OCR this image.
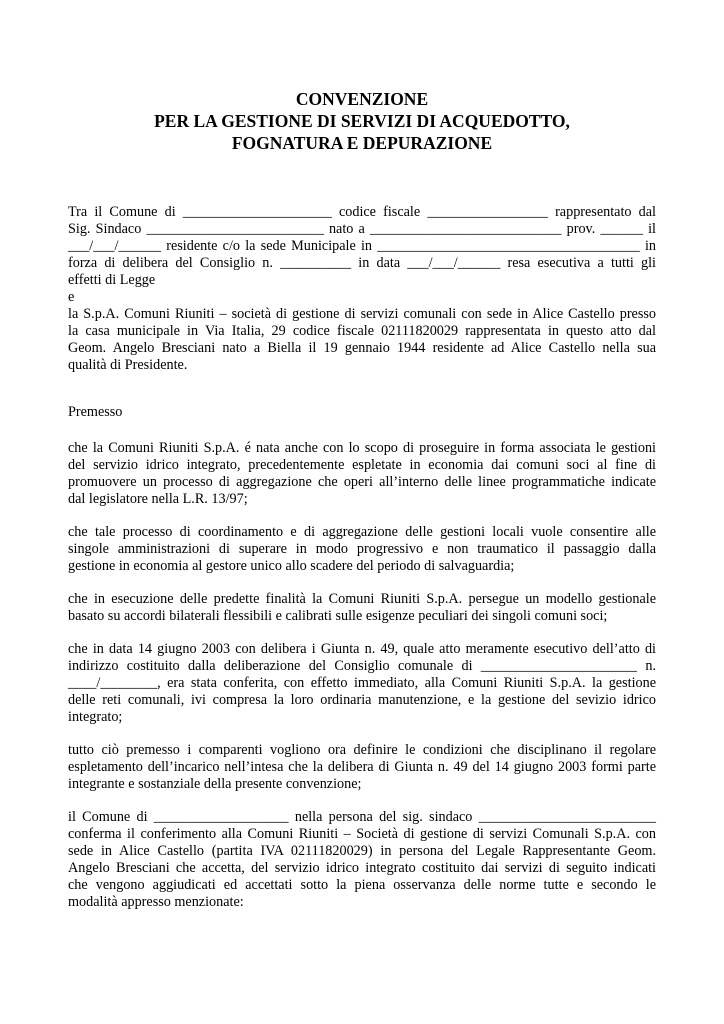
CONVENZIONE
PER LA GESTIONE DI SERVIZI DI ACQUEDOTTO,
FOGNATURA E DEPURAZIONE
Tra il Comune di _____________________ codice fiscale _________________ rappresentato dal
Sig. Sindaco _________________________ nato a ___________________________ prov. ______ il
___/___/______ residente c/o la sede Municipale in _____________________________________ in
forza di delibera del Consiglio n. __________ in data ___/___/______ resa esecutiva a tutti gli
effetti di Legge
e
la S.p.A. Comuni Riuniti – società di gestione di servizi comunali con sede in Alice Castello presso
la casa municipale in Via Italia, 29 codice fiscale 02111820029 rappresentata in questo atto dal
Geom. Angelo Bresciani nato a Biella il 19 gennaio 1944 residente ad Alice Castello nella sua
qualità di Presidente.
Premesso
che la Comuni Riuniti S.p.A. é nata anche con lo scopo di proseguire in forma associata le gestioni
del servizio idrico integrato, precedentemente espletate in economia dai comuni soci al fine di
promuovere un processo di aggregazione che operi all’interno delle linee programmatiche indicate
dal legislatore nella L.R. 13/97;
che tale processo di coordinamento e di aggregazione delle gestioni locali vuole consentire alle
singole amministrazioni di superare in modo progressivo e non traumatico il passaggio dalla
gestione in economia al gestore unico allo scadere del periodo di salvaguardia;
che in esecuzione delle predette finalità la Comuni Riuniti S.p.A. persegue un modello gestionale
basato su accordi bilaterali flessibili e calibrati sulle esigenze peculiari dei singoli comuni soci;
che in data 14 giugno 2003 con delibera i Giunta n. 49, quale atto meramente esecutivo dell’atto di
indirizzo costituito dalla deliberazione del Consiglio comunale di ______________________ n.
____/________, era stata conferita, con effetto immediato, alla Comuni Riuniti S.p.A. la gestione
delle reti comunali, ivi compresa la loro ordinaria manutenzione, e la gestione del sevizio idrico
integrato;
tutto ciò premesso i comparenti vogliono ora definire le condizioni che disciplinano il regolare
espletamento dell’incarico nell’intesa che la delibera di Giunta n. 49 del 14 giugno 2003 formi parte
integrante e sostanziale della presente convenzione;
il Comune di ___________________ nella persona del sig. sindaco _________________________
conferma il conferimento alla Comuni Riuniti – Società di gestione di servizi Comunali S.p.A. con
sede in Alice Castello (partita IVA 02111820029) in persona del Legale Rappresentante Geom.
Angelo Bresciani che accetta, del servizio idrico integrato costituito dai servizi di seguito indicati
che vengono aggiudicati ed accettati sotto la piena osservanza delle norme tutte e secondo le
modalità appresso menzionate:
